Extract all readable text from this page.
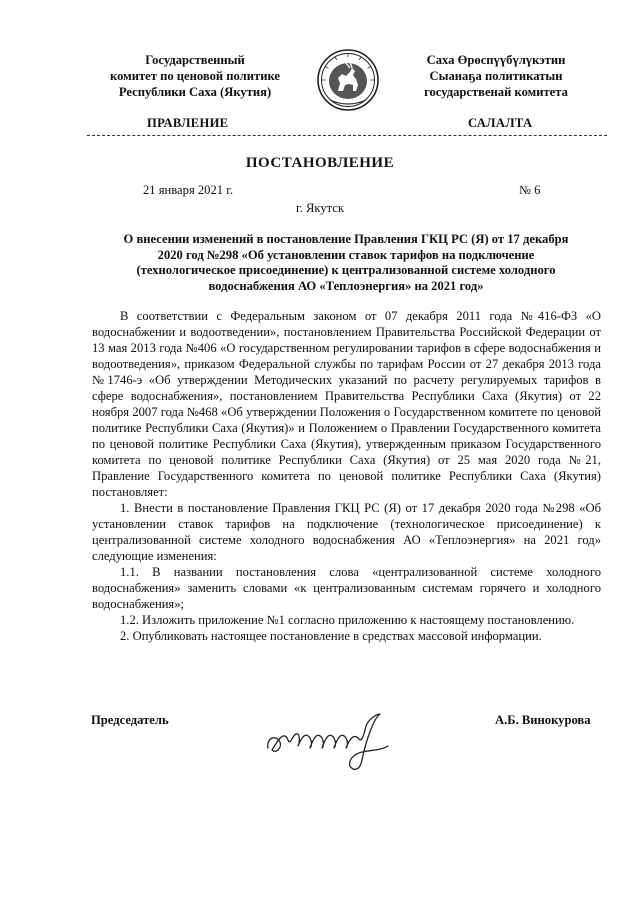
Государственный
комитет по ценовой политике
Республики Саха (Якутия)
Саха Өрөспүүбүлүкэтин
Сыанаҕа политикатын
государственай комитета
ПРАВЛЕНИЕ	САЛАЛТА
ПОСТАНОВЛЕНИЕ
21 января 2021 г.	№ 6
г. Якутск
О внесении изменений в постановление Правления ГКЦ РС (Я) от 17 декабря
2020 год №298 «Об установлении ставок тарифов на подключение
(технологическое присоединение) к централизованной системе холодного
водоснабжения АО «Теплоэнергия» на 2021 год»

В соответствии с Федеральным законом от 07 декабря 2011 года №416-ФЗ «О водоснабжении и водоотведении», постановлением Правительства Российской Федерации от 13 мая 2013 года №406 «О государственном регулировании тарифов в сфере водоснабжения и водоотведения», приказом Федеральной службы по тарифам России от 27 декабря 2013 года №1746-э «Об утверждении Методических указаний по расчету регулируемых тарифов в сфере водоснабжения», постановлением Правительства Республики Саха (Якутия) от 22 ноября 2007 года №468 «Об утверждении Положения о Государственном комитете по ценовой политике Республики Саха (Якутия)» и Положением о Правлении Государственного комитета по ценовой политике Республики Саха (Якутия), утвержденным приказом Государственного комитета по ценовой политике Республики Саха (Якутия) от 25 мая 2020 года №21, Правление Государственного комитета по ценовой политике Республики Саха (Якутия) постановляет:

1. Внести в постановление Правления ГКЦ РС (Я) от 17 декабря 2020 года №298 «Об установлении ставок тарифов на подключение (технологическое присоединение) к централизованной системе холодного водоснабжения АО «Теплоэнергия» на 2021 год» следующие изменения:

1.1. В названии постановления слова «централизованной системе холодного водоснабжения» заменить словами «к централизованным системам горячего и холодного водоснабжения»;

1.2. Изложить приложение №1 согласно приложению к настоящему постановлению.

2. Опубликовать настоящее постановление в средствах массовой информации.

Председатель	А.Б. Винокурова
